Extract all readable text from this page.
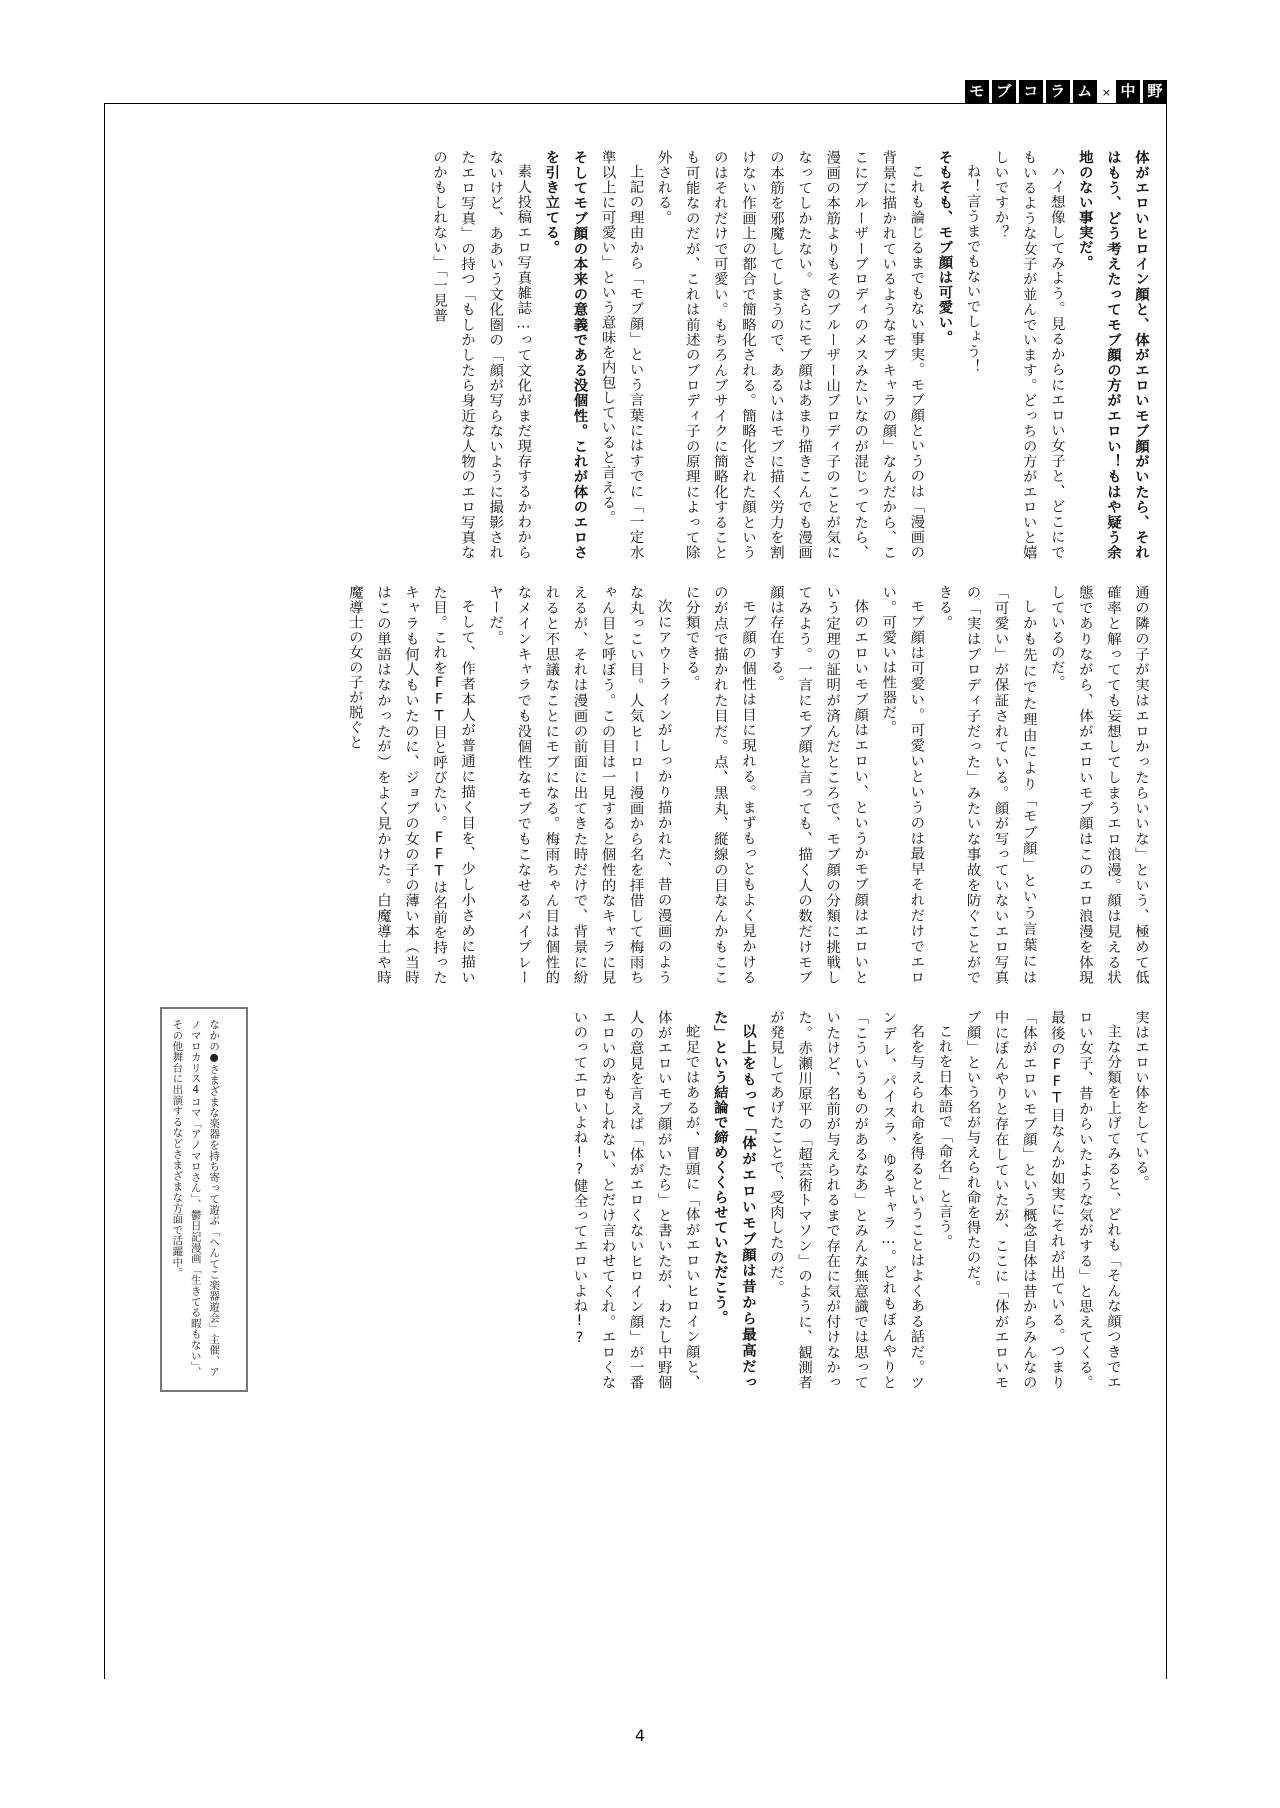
モ ブ コ ラ ム × 中 野

体がエロいヒロイン顔と、体がエロいモブ顔がいたら、それはもう、どう考えたってモブ顔の方がエロい！もはや疑う余地のない事実だ。

ハイ想像してみよう。見るからにエロい女子と、どこにでもいるような女子が並んでいます。どっちの方がエロいと嬉しいですか？

ね！言うまでもないでしょう！

そもそも、モブ顔は可愛い。

これも論じるまでもない事実。モブ顔というのは「漫画の背景に描かれているようなモブキャラの顔」なんだから、ここにブルーザーブロディのメスみたいなのが混じってたら、漫画の本筋よりもそのブルーザー山ブロディ子のことが気になってしかたない。さらにモブ顔はあまり描きこんでも漫画の本筋を邪魔してしまうので、あるいはモブに描く労力を割けない作画上の都合で簡略化される。簡略化された顔というのはそれだけで可愛い。もちろんブサイクに簡略化することも可能なのだが、これは前述のブロディ子の原理によって除外される。

上記の理由から「モブ顔」という言葉にはすでに「一定水準以上に可愛い」という意味を内包していると言える。

そしてモブ顔の本来の意義である没個性。これが体のエロさを引き立てる。

素人投稿エロ写真雑誌…って文化がまだ現存するかわからないけど、ああいう文化圏の「顔が写らないように撮影されたエロ写真」の持つ「もしかしたら身近な人物のエロ写真なのかもしれない」「一見普

通の隣の子が実はエロかったらいいな」という、極めて低確率と解ってても妄想してしまうエロ浪漫。顔は見える状態でありながら、体がエロいモブ顔はこのエロ浪漫を体現しているのだ。

しかも先にでた理由により「モブ顔」という言葉には「可愛い」が保証されている。顔が写っていないエロ写真の「実はブロディ子だった」みたいな事故を防ぐことができる。

モブ顔は可愛い。可愛いというのは最早それだけでエロい。可愛いは性器だ。

体のエロいモブ顔はエロい、というかモブ顔はエロいという定理の証明が済んだところで、モブ顔の分類に挑戦してみよう。一言にモブ顔と言っても、描く人の数だけモブ顔は存在する。

モブ顔の個性は目に現れる。まずもっともよく見かけるのが点で描かれた目だ。点、黒丸、縦線の目なんかもここに分類できる。

次にアウトラインがしっかり描かれた、昔の漫画のような丸っこい目。人気ヒーロー漫画から名を拝借して梅雨ちゃん目と呼ぼう。この目は一見すると個性的なキャラに見えるが、それは漫画の前面に出てきた時だけで、背景に紛れると不思議なことにモブになる。梅雨ちゃん目は個性的なメインキャラでも没個性なモブでもこなせるバイプレーヤーだ。

そして、作者本人が普通に描く目を、少し小さめに描いた目。これをFFT目と呼びたい。FFTは名前を持ったキャラも何人もいたのに、ジョブの女の子の薄い本（当時はこの単語はなかったが）をよく見かけた。白魔導士や時魔導士の女の子が脱ぐと

実はエロい体をしている。

主な分類を上げてみると、どれも「そんな顔つきでエロい女子、昔からいたような気がする」と思えてくる。最後のFFT目なんか如実にそれが出ている。つまり「体がエロいモブ顔」という概念自体は昔からみんなの中にぼんやりと存在していたが、ここに「体がエロいモブ顔」という名が与えられ命を得たのだ。

これを日本語で「命名」と言う。

名を与えられ命を得るということはよくある話だ。ツンデレ、パイスラ、ゆるキャラ…。どれもぼんやりと「こういうものがあるなあ」とみんな無意識では思っていたけど、名前が与えられるまで存在に気が付けなかった。赤瀬川原平の「超芸術トマソン」のように、観測者が発見してあげたことで、受肉したのだ。

以上をもって「体がエロいモブ顔は昔から最高だった」という結論で締めくくらせていただこう。

蛇足ではあるが、冒頭に「体がエロいヒロイン顔と、体がエロいモブ顔がいたら」と書いたが、わたし中野個人の意見を言えば「体がエロくないヒロイン顔」が一番エロいのかもしれない、とだけ言わせてくれ。エロくないのってエロいよね!?健全ってエロいよね!?

なかの●さまざまな楽器を持ち寄って遊ぶ「へんてこ楽器遊会」主催、アノマロカリス4コマ「アノマロさん」、鬱日記漫画「生きてる暇もない」、その他舞台に出演するなどさまざまな方面で活躍中。
4
